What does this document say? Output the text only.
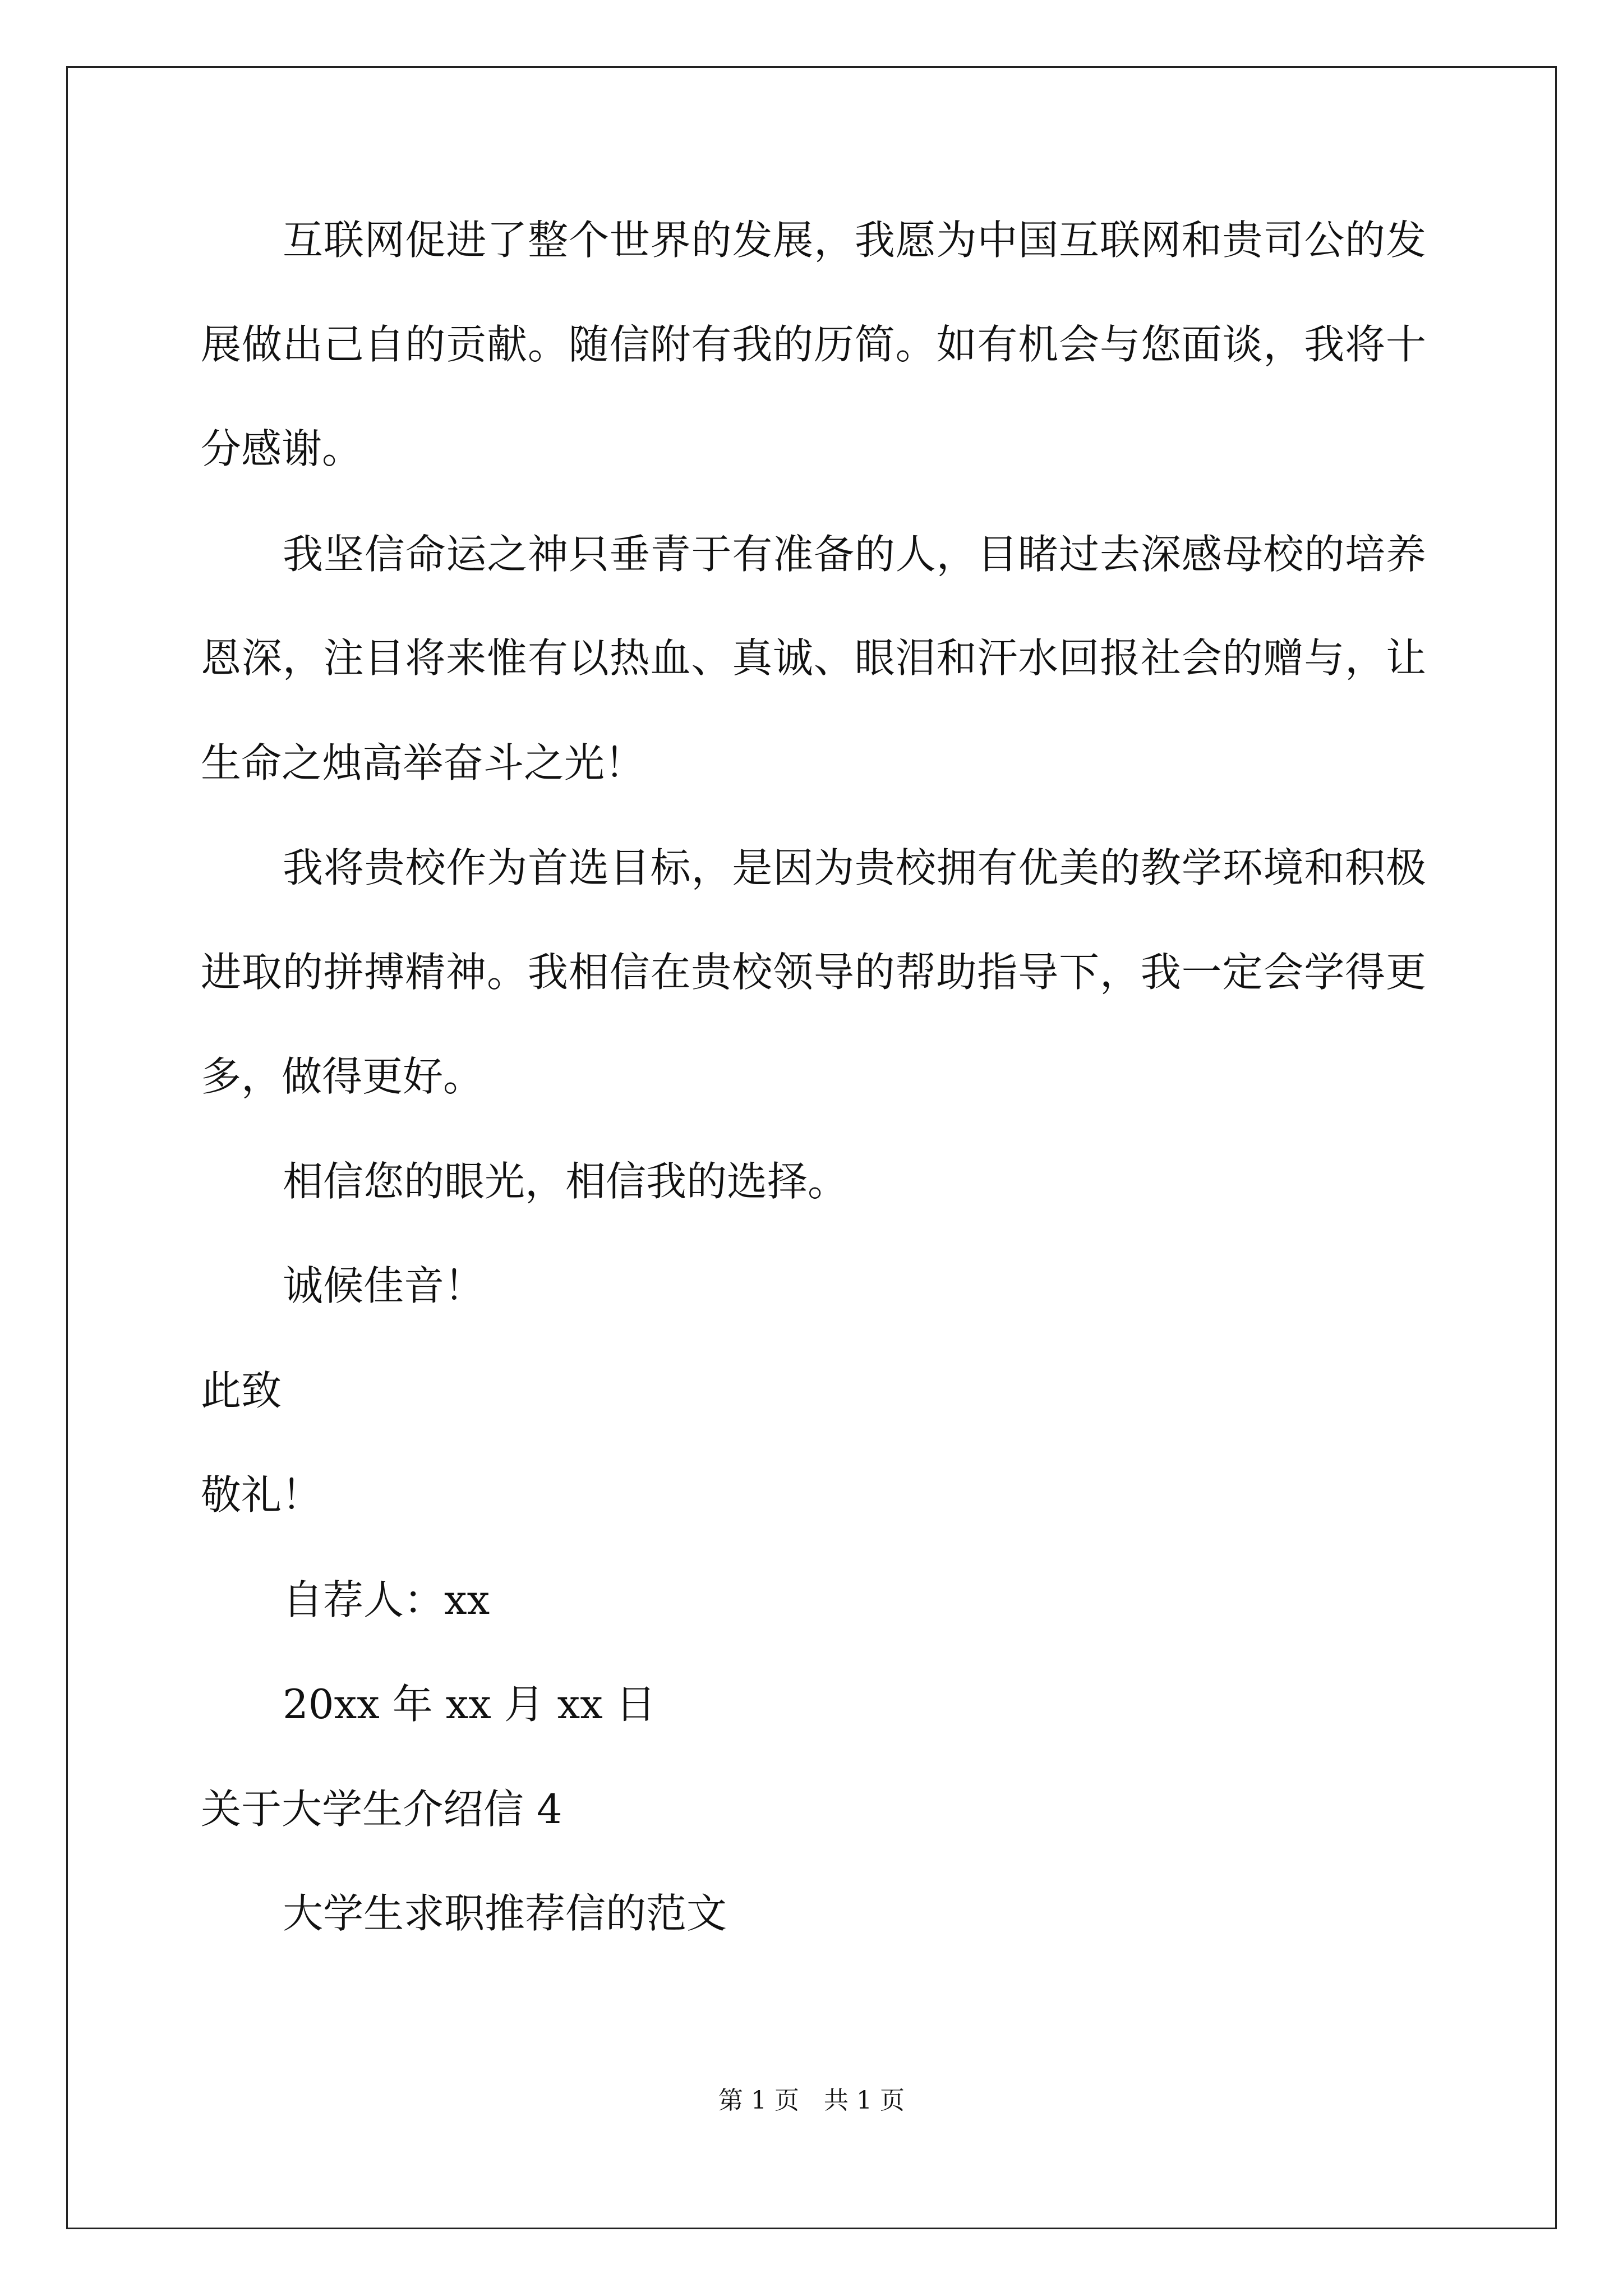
互联网促进了整个世界的发展，我愿为中国互联网和贵司公的发
展做出己自的贡献。随信附有我的历简。如有机会与您面谈，我将十
分感谢。
我坚信命运之神只垂青于有准备的人，目睹过去深感母校的培养
恩深，注目将来惟有以热血、真诚、眼泪和汗水回报社会的赠与，让
生命之烛高举奋斗之光！
我将贵校作为首选目标，是因为贵校拥有优美的教学环境和积极
进取的拼搏精神。我相信在贵校领导的帮助指导下，我一定会学得更
多，做得更好。
相信您的眼光，相信我的选择。
诚候佳音！
此致
敬礼！
自荐人：xx
20xx 年 xx 月 xx 日
关于大学生介绍信 4
大学生求职推荐信的范文
第 1 页　共 1 页
